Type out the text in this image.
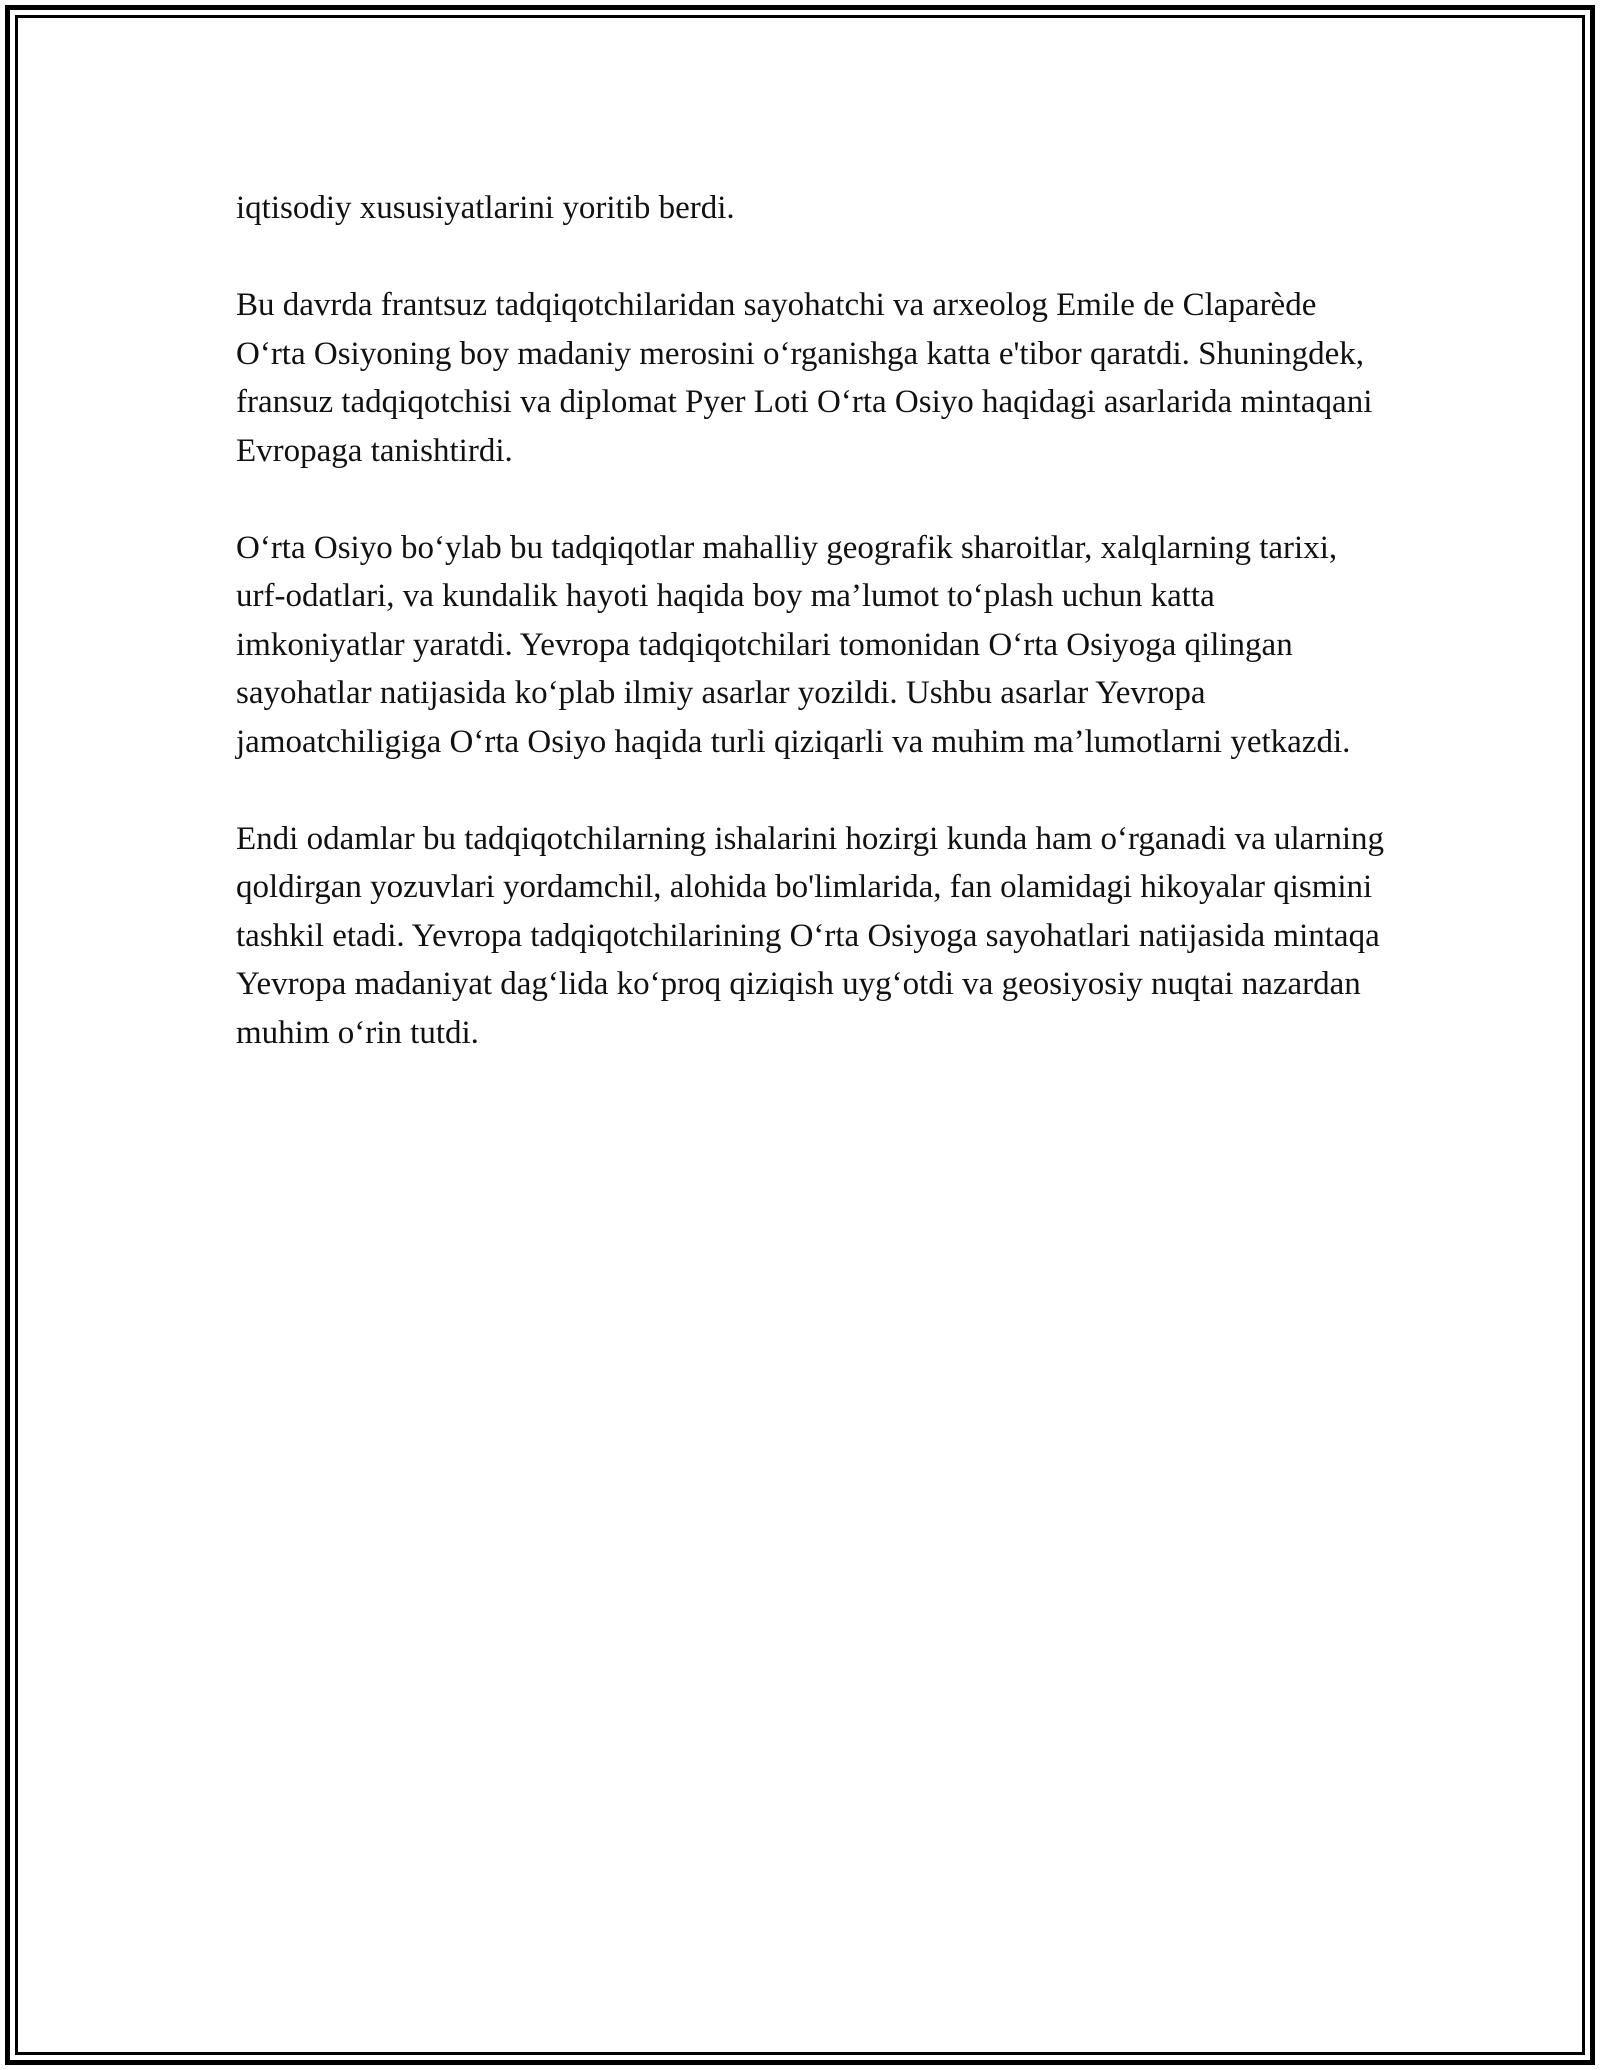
iqtisodiy xususiyatlarini yoritib berdi.

Bu davrda frantsuz tadqiqotchilaridan sayohatchi va arxeolog Emile de Claparède O‘rta Osiyoning boy madaniy merosini o‘rganishga katta e'tibor qaratdi. Shuningdek, fransuz tadqiqotchisi va diplomat Pyer Loti O‘rta Osiyo haqidagi asarlarida mintaqani Evropaga tanishtirdi.

O‘rta Osiyo bo‘ylab bu tadqiqotlar mahalliy geografik sharoitlar, xalqlarning tarixi, urf-odatlari, va kundalik hayoti haqida boy ma’lumot to‘plash uchun katta imkoniyatlar yaratdi. Yevropa tadqiqotchilari tomonidan O‘rta Osiyoga qilingan sayohatlar natijasida ko‘plab ilmiy asarlar yozildi. Ushbu asarlar Yevropa jamoatchiligiga O‘rta Osiyo haqida turli qiziqarli va muhim ma’lumotlarni yetkazdi.

Endi odamlar bu tadqiqotchilarning ishalarini hozirgi kunda ham o‘rganadi va ularning qoldirgan yozuvlari yordamchil, alohida bo'limlarida, fan olamidagi hikoyalar qismini tashkil etadi. Yevropa tadqiqotchilarining O‘rta Osiyoga sayohatlari natijasida mintaqa Yevropa madaniyat dag‘lida ko‘proq qiziqish uyg‘otdi va geosiyosiy nuqtai nazardan muhim o‘rin tutdi.
